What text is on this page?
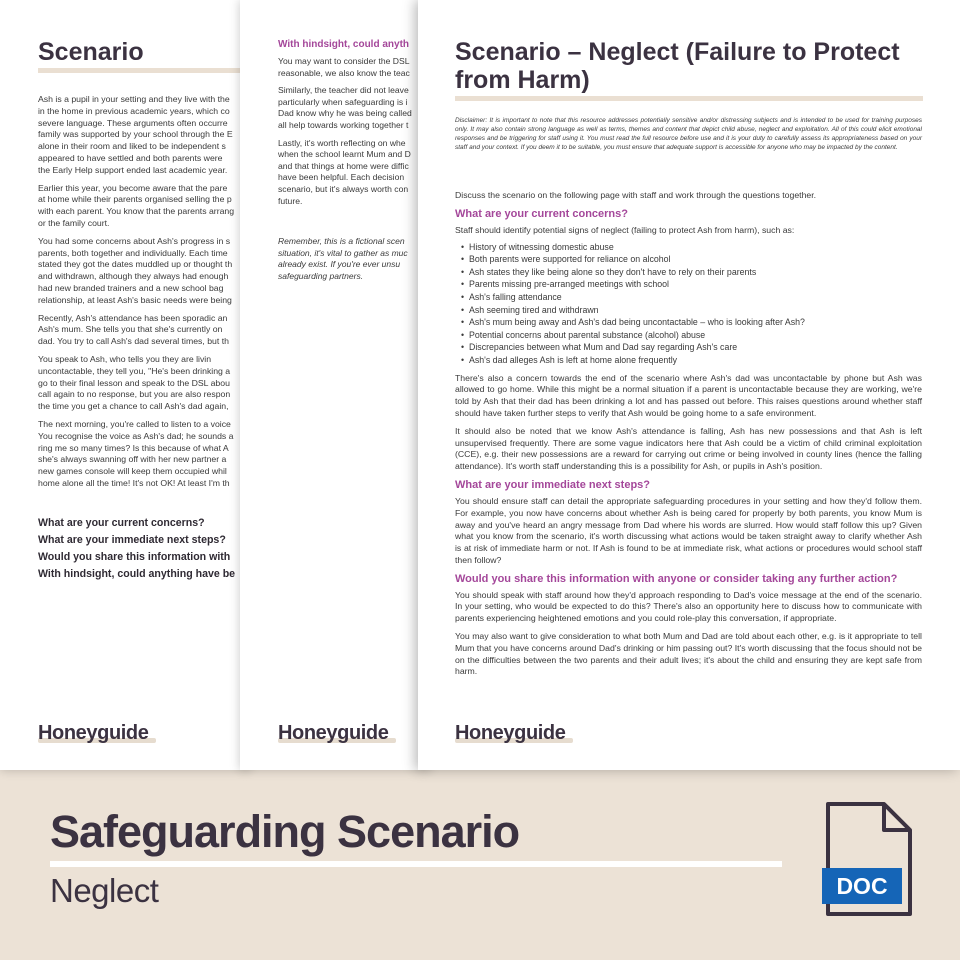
Scenario
Ash is a pupil in your setting and they live with the
in the home in previous academic years, which co
severe language. These arguments often occurre
family was supported by your school through the E
alone in their room and liked to be independent s
appeared to have settled and both parents were
the Early Help support ended last academic year.
Earlier this year, you become aware that the pare
at home while their parents organised selling the p
with each parent. You know that the parents arrang
or the family court.
You had some concerns about Ash's progress in s
parents, both together and individually. Each time
stated they got the dates muddled up or thought th
and withdrawn, although they always had enough
had new branded trainers and a new school bag
relationship, at least Ash's basic needs were being
Recently, Ash's attendance has been sporadic an
Ash's mum. She tells you that she's currently on
dad. You try to call Ash's dad several times, but th
You speak to Ash, who tells you they are livin
uncontactable, they tell you, "He's been drinking a
go to their final lesson and speak to the DSL abou
call again to no response, but you are also respon
the time you get a chance to call Ash's dad again,
The next morning, you're called to listen to a voice
You recognise the voice as Ash's dad; he sounds a
ring me so many times? Is this because of what A
she's always swanning off with her new partner a
new games console will keep them occupied whil
home alone all the time! It's not OK! At least I'm th
What are your current concerns?
What are your immediate next steps?
Would you share this information with
With hindsight, could anything have be
Honeyguide
With hindsight, could anyth
You may want to consider the DSL
reasonable, we also know the teac
Similarly, the teacher did not leave
particularly when safeguarding is i
Dad know why he was being called
all help towards working together t
Lastly, it's worth reflecting on whe
when the school learnt Mum and D
and that things at home were diffic
have been helpful. Each decision
scenario, but it's always worth con
future.
Remember, this is a fictional scen
situation, it's vital to gather as muc
already exist. If you're ever unsu
safeguarding partners.
Honeyguide
Scenario – Neglect (Failure to Protect from Harm)
Disclaimer: It is important to note that this resource addresses potentially sensitive and/or distressing subjects and is intended to be used for training purposes only. It may also contain strong language as well as terms, themes and content that depict child abuse, neglect and exploitation. All of this could elicit emotional responses and be triggering for staff using it. You must read the full resource before use and it is your duty to carefully assess its appropriateness based on your staff and your context. If you deem it to be suitable, you must ensure that adequate support is accessible for anyone who may be impacted by the content.
Discuss the scenario on the following page with staff and work through the questions together.
What are your current concerns?
Staff should identify potential signs of neglect (failing to protect Ash from harm), such as:
• History of witnessing domestic abuse
• Both parents were supported for reliance on alcohol
• Ash states they like being alone so they don't have to rely on their parents
• Parents missing pre-arranged meetings with school
• Ash's falling attendance
• Ash seeming tired and withdrawn
• Ash's mum being away and Ash's dad being uncontactable – who is looking after Ash?
• Potential concerns about parental substance (alcohol) abuse
• Discrepancies between what Mum and Dad say regarding Ash's care
• Ash's dad alleges Ash is left at home alone frequently

There's also a concern towards the end of the scenario where Ash's dad was uncontactable by phone but Ash was allowed to go home. While this might be a normal situation if a parent is uncontactable because they are working, we're told by Ash that their dad has been drinking a lot and has passed out before. This raises questions around whether staff should have taken further steps to verify that Ash would be going home to a safe environment.

It should also be noted that we know Ash's attendance is falling, Ash has new possessions and that Ash is left unsupervised frequently. There are some vague indicators here that Ash could be a victim of child criminal exploitation (CCE), e.g. their new possessions are a reward for carrying out crime or being involved in county lines (hence the falling attendance). It's worth staff understanding this is a possibility for Ash, or pupils in Ash's position.

What are your immediate next steps?

You should ensure staff can detail the appropriate safeguarding procedures in your setting and how they'd follow them. For example, you now have concerns about whether Ash is being cared for properly by both parents, you know Mum is away and you've heard an angry message from Dad where his words are slurred. How would staff follow this up? Given what you know from the scenario, it's worth discussing what actions would be taken straight away to clarify whether Ash is at risk of immediate harm or not. If Ash is found to be at immediate risk, what actions or procedures would school staff then follow?

Would you share this information with anyone or consider taking any further action?

You should speak with staff around how they'd approach responding to Dad's voice message at the end of the scenario. In your setting, who would be expected to do this? There's also an opportunity here to discuss how to communicate with parents experiencing heightened emotions and you could role-play this conversation, if appropriate.

You may also want to give consideration to what both Mum and Dad are told about each other, e.g. is it appropriate to tell Mum that you have concerns around Dad's drinking or him passing out? It's worth discussing that the focus should not be on the difficulties between the two parents and their adult lives; it's about the child and ensuring they are kept safe from harm.

Honeyguide
Safeguarding Scenario
Neglect	DOC
